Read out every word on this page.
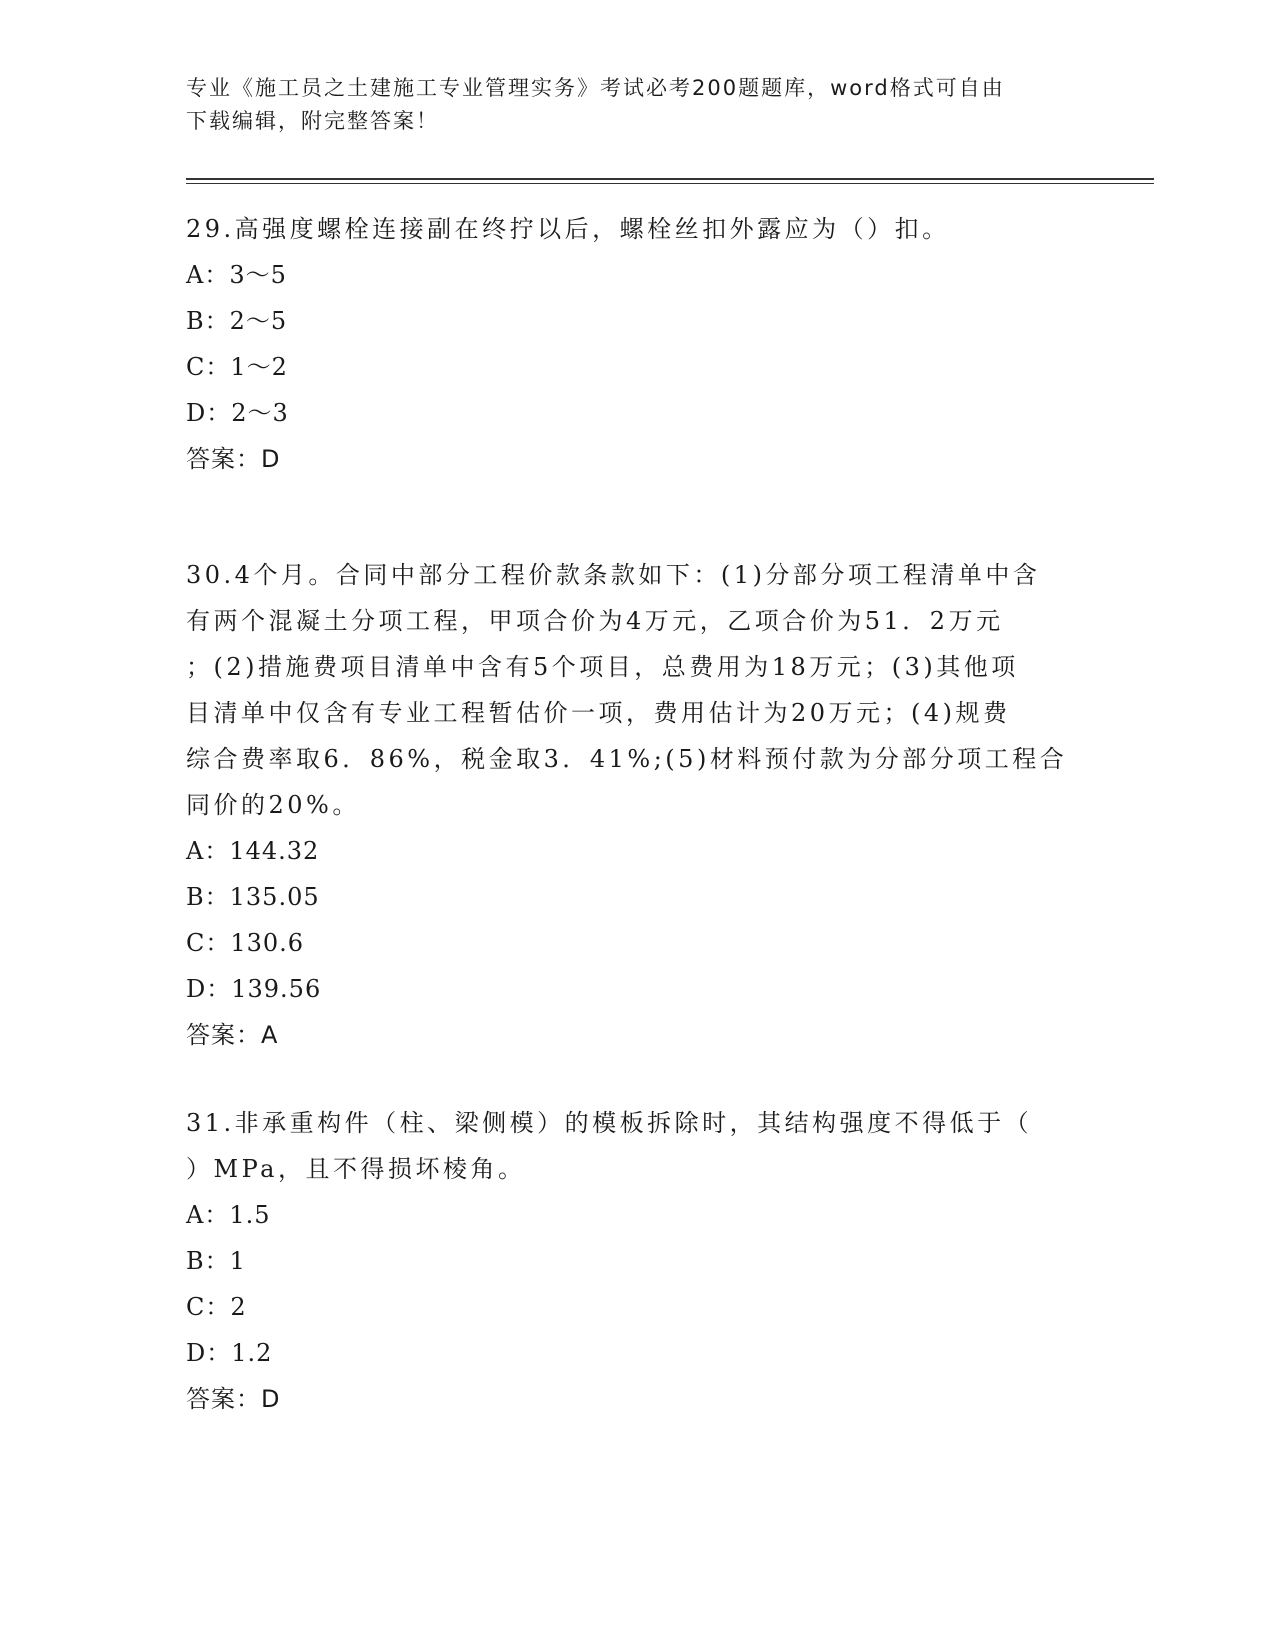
专业《施工员之土建施工专业管理实务》考试必考200题题库，word格式可自由
下载编辑，附完整答案！

29.高强度螺栓连接副在终拧以后，螺栓丝扣外露应为（）扣。

A：3～5

B：2～5

C：1～2

D：2～3

答案：D

30.4个月。合同中部分工程价款条款如下：(1)分部分项工程清单中含

有两个混凝土分项工程，甲项合价为4万元，乙项合价为51．2万元

；(2)措施费项目清单中含有5个项目，总费用为18万元；(3)其他项

目清单中仅含有专业工程暂估价一项，费用估计为20万元；(4)规费

综合费率取6．86%，税金取3．41%;(5)材料预付款为分部分项工程合

同价的20%。

A：144.32

B：135.05

C：130.6

D：139.56

答案：A

31.非承重构件（柱、梁侧模）的模板拆除时，其结构强度不得低于（

）MPa，且不得损坏棱角。

A：1.5

B：1

C：2

D：1.2

答案：D
